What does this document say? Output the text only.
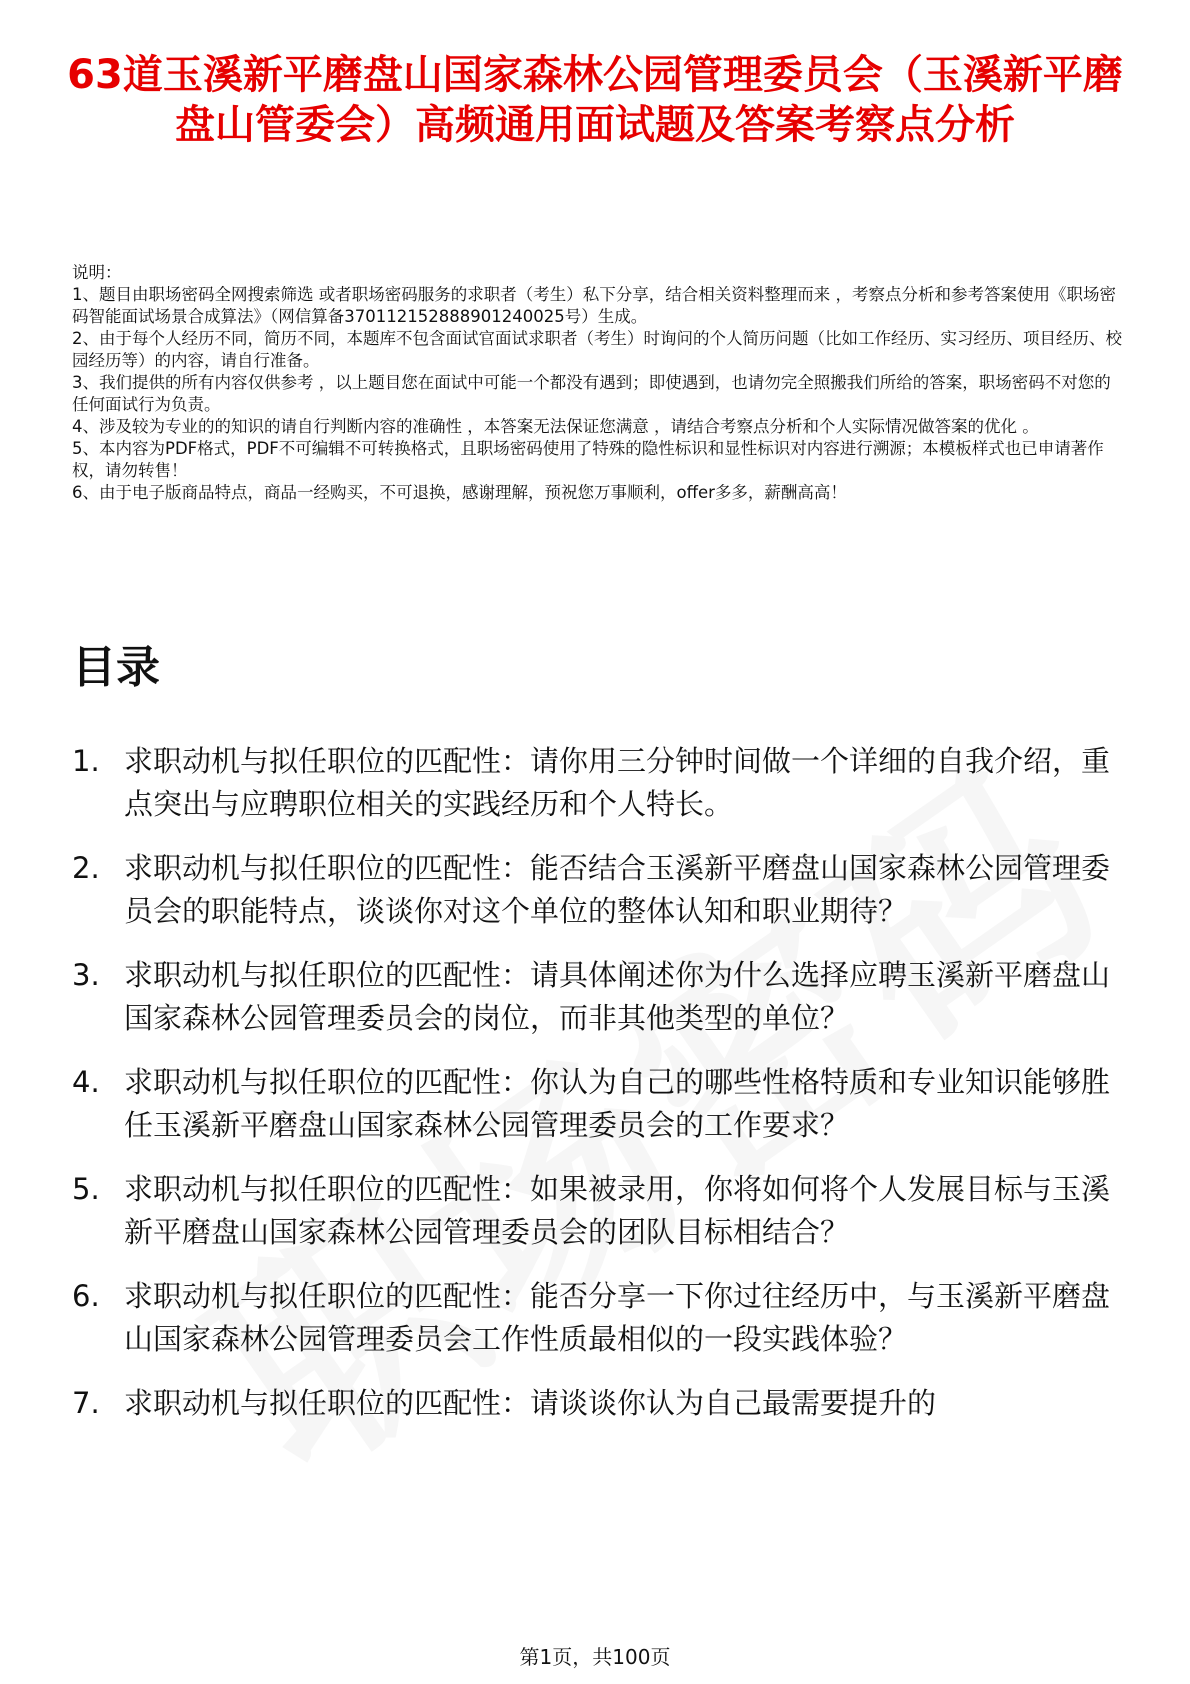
63道玉溪新平磨盘山国家森林公园管理委员会（玉溪新平磨盘山管委会）高频通用面试题及答案考察点分析

说明：

1、题目由职场密码全网搜索筛选 或者职场密码服务的求职者（考生）私下分享，结合相关资料整理而来 ，考察点分析和参考答案使用《职场密码智能面试场景合成算法》（网信算备370112152888901240025号）生成。

2、由于每个人经历不同，简历不同，本题库不包含面试官面试求职者（考生）时询问的个人简历问题（比如工作经历、实习经历、项目经历、校园经历等）的内容，请自行准备。

3、我们提供的所有内容仅供参考 ，以上题目您在面试中可能一个都没有遇到；即使遇到，也请勿完全照搬我们所给的答案，职场密码不对您的任何面试行为负责。

4、涉及较为专业的的知识的请自行判断内容的准确性 ，本答案无法保证您满意 ，请结合考察点分析和个人实际情况做答案的优化 。

5、本内容为PDF格式，PDF不可编辑不可转换格式，且职场密码使用了特殊的隐性标识和显性标识对内容进行溯源；本模板样式也已申请著作权，请勿转售！

6、由于电子版商品特点，商品一经购买，不可退换，感谢理解，预祝您万事顺利，offer多多，薪酬高高！

目录
1. 求职动机与拟任职位的匹配性：请你用三分钟时间做一个详细的自我介绍，重点突出与应聘职位相关的实践经历和个人特长。
2. 求职动机与拟任职位的匹配性：能否结合玉溪新平磨盘山国家森林公园管理委员会的职能特点，谈谈你对这个单位的整体认知和职业期待？
3. 求职动机与拟任职位的匹配性：请具体阐述你为什么选择应聘玉溪新平磨盘山国家森林公园管理委员会的岗位，而非其他类型的单位？
4. 求职动机与拟任职位的匹配性：你认为自己的哪些性格特质和专业知识能够胜任玉溪新平磨盘山国家森林公园管理委员会的工作要求？
5. 求职动机与拟任职位的匹配性：如果被录用，你将如何将个人发展目标与玉溪新平磨盘山国家森林公园管理委员会的团队目标相结合？
6. 求职动机与拟任职位的匹配性：能否分享一下你过往经历中，与玉溪新平磨盘山国家森林公园管理委员会工作性质最相似的一段实践体验？
7. 求职动机与拟任职位的匹配性：请谈谈你认为自己最需要提升的
第1页，共100页
